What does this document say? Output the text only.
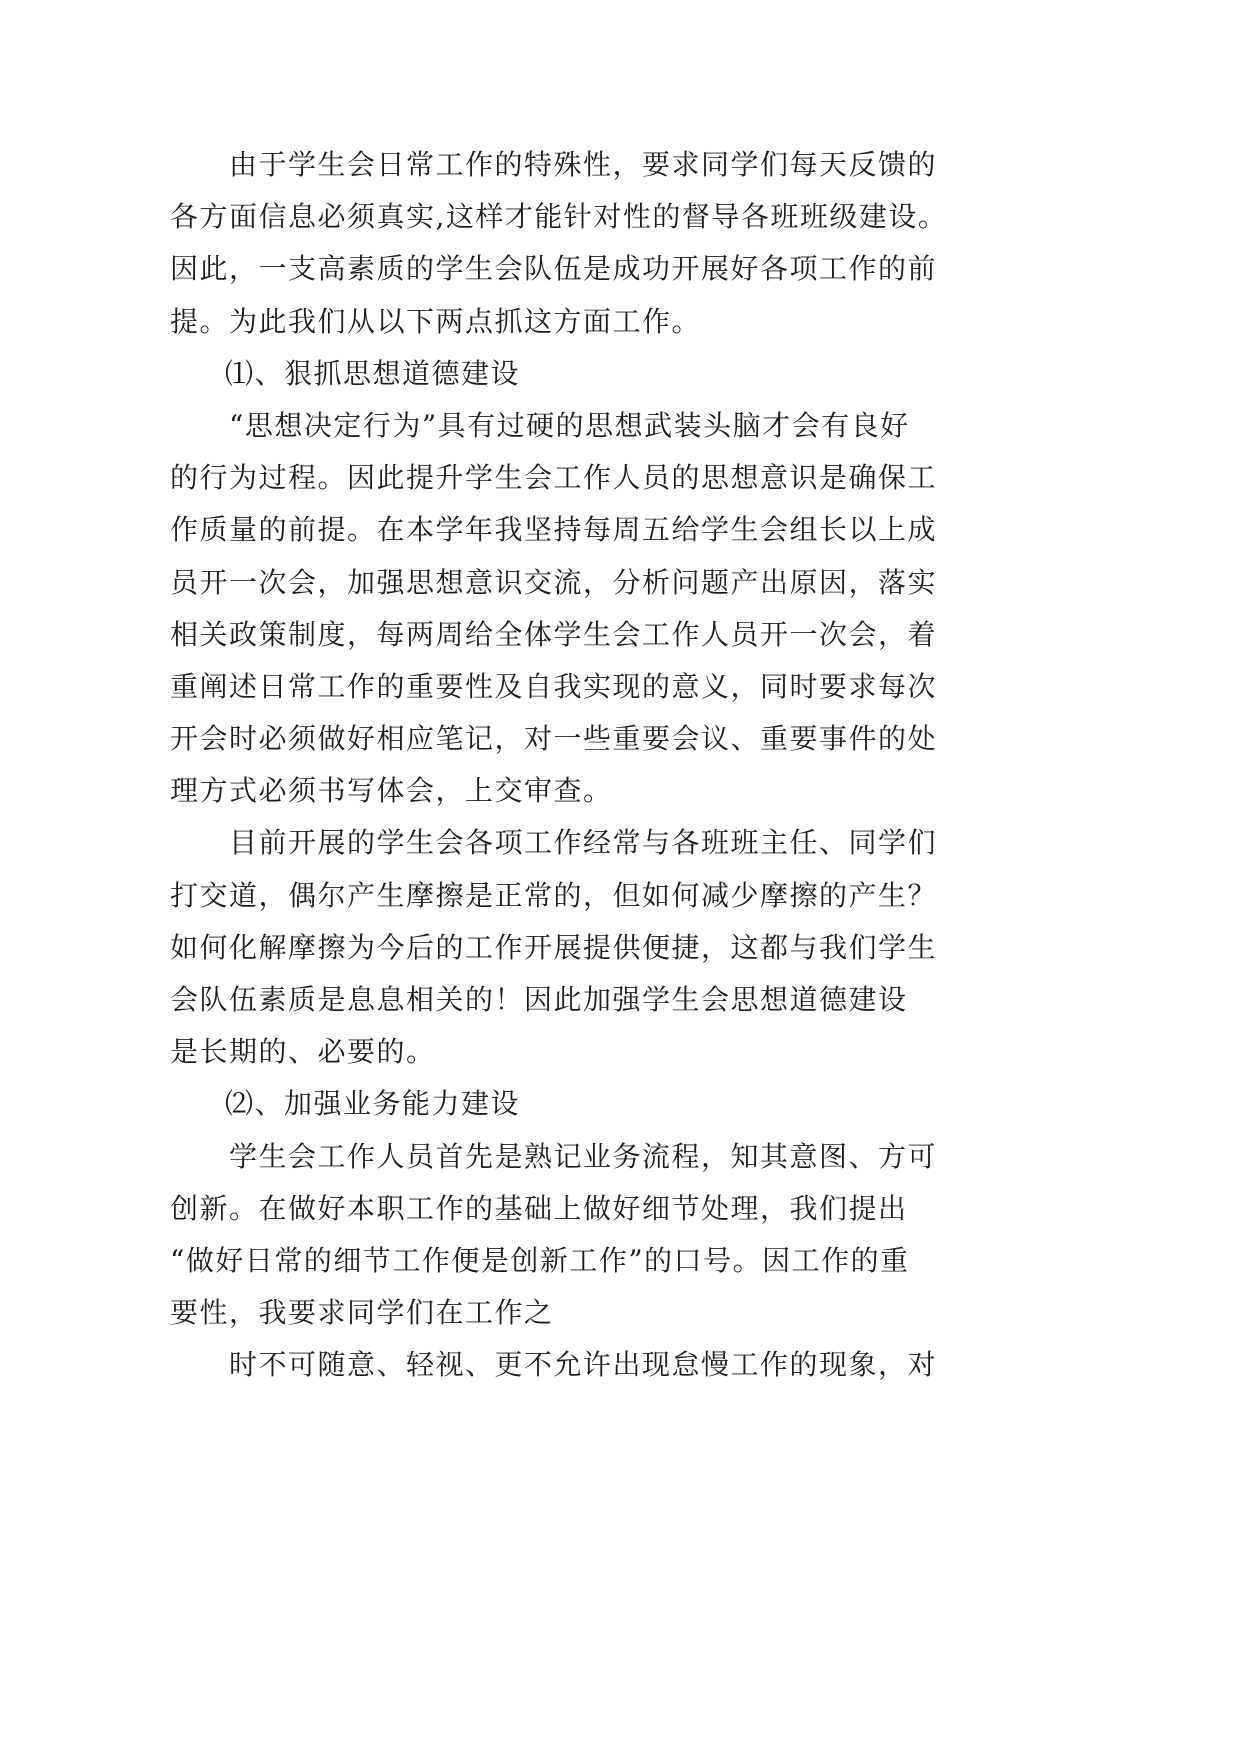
由于学生会日常工作的特殊性，要求同学们每天反馈的
各方面信息必须真实,这样才能针对性的督导各班班级建设。
因此，一支高素质的学生会队伍是成功开展好各项工作的前
提。为此我们从以下两点抓这方面工作。
⑴、狠抓思想道德建设
“思想决定行为”具有过硬的思想武装头脑才会有良好
的行为过程。因此提升学生会工作人员的思想意识是确保工
作质量的前提。在本学年我坚持每周五给学生会组长以上成
员开一次会，加强思想意识交流，分析问题产出原因，落实
相关政策制度，每两周给全体学生会工作人员开一次会，着
重阐述日常工作的重要性及自我实现的意义，同时要求每次
开会时必须做好相应笔记，对一些重要会议、重要事件的处
理方式必须书写体会，上交审查。
目前开展的学生会各项工作经常与各班班主任、同学们
打交道，偶尔产生摩擦是正常的，但如何减少摩擦的产生？
如何化解摩擦为今后的工作开展提供便捷，这都与我们学生
会队伍素质是息息相关的！因此加强学生会思想道德建设
是长期的、必要的。
⑵、加强业务能力建设
学生会工作人员首先是熟记业务流程，知其意图、方可
创新。在做好本职工作的基础上做好细节处理，我们提出
“做好日常的细节工作便是创新工作”的口号。因工作的重
要性，我要求同学们在工作之
时不可随意、轻视、更不允许出现怠慢工作的现象，对
